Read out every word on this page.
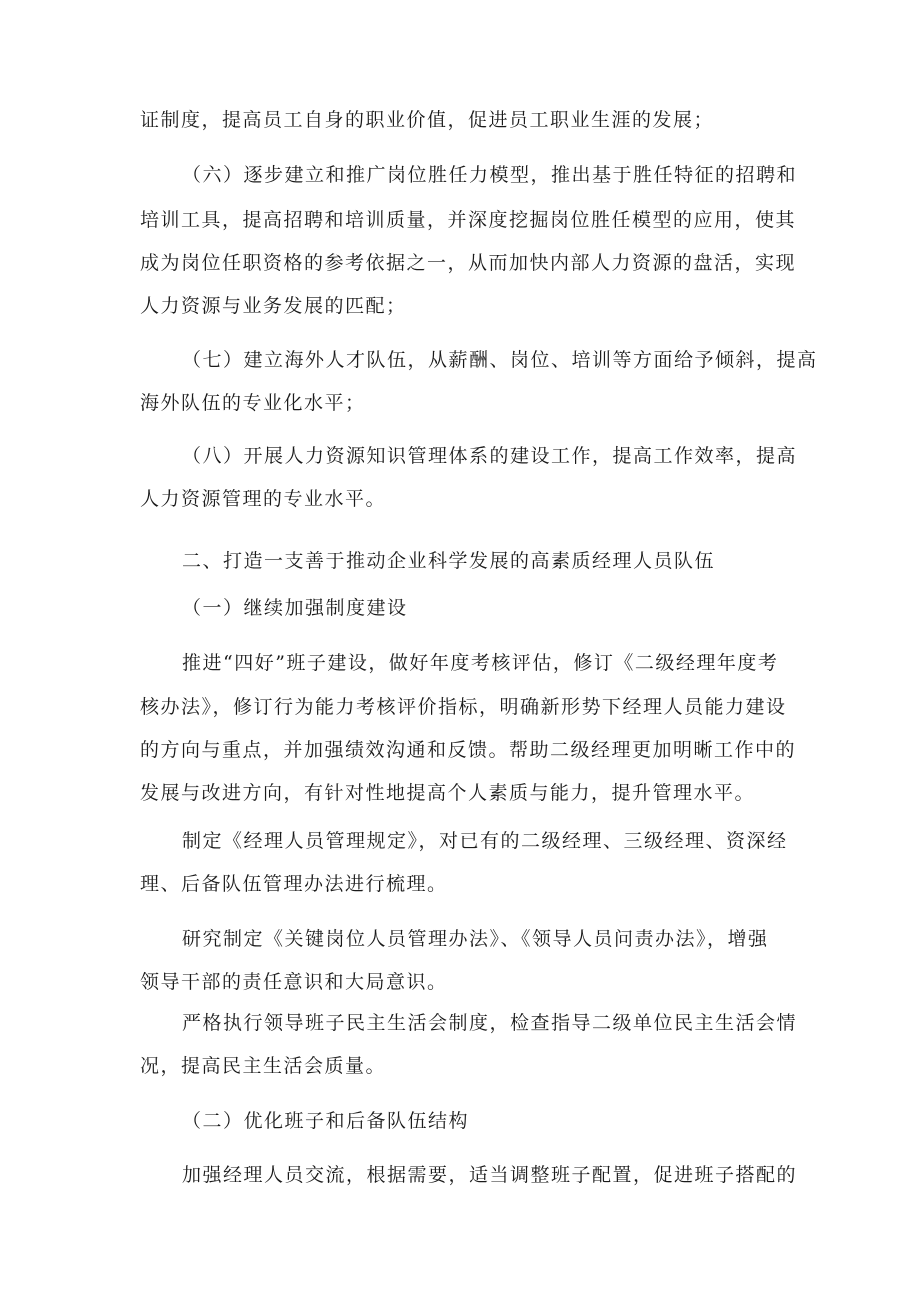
证制度，提高员工自身的职业价值，促进员工职业生涯的发展；
（六）逐步建立和推广岗位胜任力模型，推出基于胜任特征的招聘和
培训工具，提高招聘和培训质量，并深度挖掘岗位胜任模型的应用，使其
成为岗位任职资格的参考依据之一，从而加快内部人力资源的盘活，实现
人力资源与业务发展的匹配；
（七）建立海外人才队伍，从薪酬、岗位、培训等方面给予倾斜，提高
海外队伍的专业化水平；
（八）开展人力资源知识管理体系的建设工作，提高工作效率，提高
人力资源管理的专业水平。
二、打造一支善于推动企业科学发展的高素质经理人员队伍
（一）继续加强制度建设
推进“四好”班子建设，做好年度考核评估，修订《二级经理年度考
核办法》，修订行为能力考核评价指标，明确新形势下经理人员能力建设
的方向与重点，并加强绩效沟通和反馈。帮助二级经理更加明晰工作中的
发展与改进方向，有针对性地提高个人素质与能力，提升管理水平。
制定《经理人员管理规定》，对已有的二级经理、三级经理、资深经
理、后备队伍管理办法进行梳理。
研究制定《关键岗位人员管理办法》、《领导人员问责办法》，增强
领导干部的责任意识和大局意识。
严格执行领导班子民主生活会制度，检查指导二级单位民主生活会情
况，提高民主生活会质量。
（二）优化班子和后备队伍结构
加强经理人员交流，根据需要，适当调整班子配置，促进班子搭配的
